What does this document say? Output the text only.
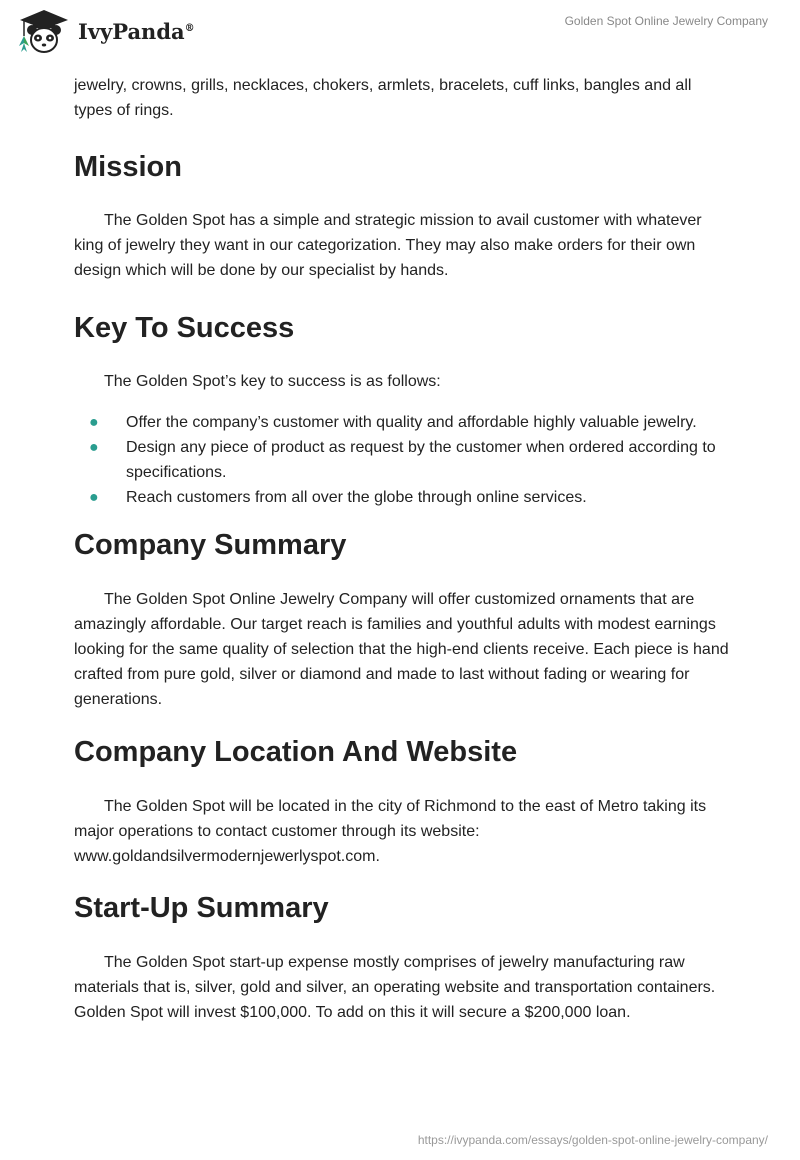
IvyPanda®	Golden Spot Online Jewelry Company

jewelry, crowns, grills, necklaces, chokers, armlets, bracelets, cuff links, bangles and all types of rings.

Mission

The Golden Spot has a simple and strategic mission to avail customer with whatever king of jewelry they want in our categorization. They may also make orders for their own design which will be done by our specialist by hands.

Key To Success

The Golden Spot’s key to success is as follows:

● Offer the company’s customer with quality and affordable highly valuable jewelry.
● Design any piece of product as request by the customer when ordered according to specifications.
● Reach customers from all over the globe through online services.
Company Summary

The Golden Spot Online Jewelry Company will offer customized ornaments that are amazingly affordable. Our target reach is families and youthful adults with modest earnings looking for the same quality of selection that the high-end clients receive. Each piece is hand crafted from pure gold, silver or diamond and made to last without fading or wearing for generations.

Company Location And Website

The Golden Spot will be located in the city of Richmond to the east of Metro taking its major operations to contact customer through its website: www.goldandsilvermodernjewerlyspot.com.

Start-Up Summary

The Golden Spot start-up expense mostly comprises of jewelry manufacturing raw materials that is, silver, gold and silver, an operating website and transportation containers. Golden Spot will invest $100,000. To add on this it will secure a $200,000 loan.

https://ivypanda.com/essays/golden-spot-online-jewelry-company/
